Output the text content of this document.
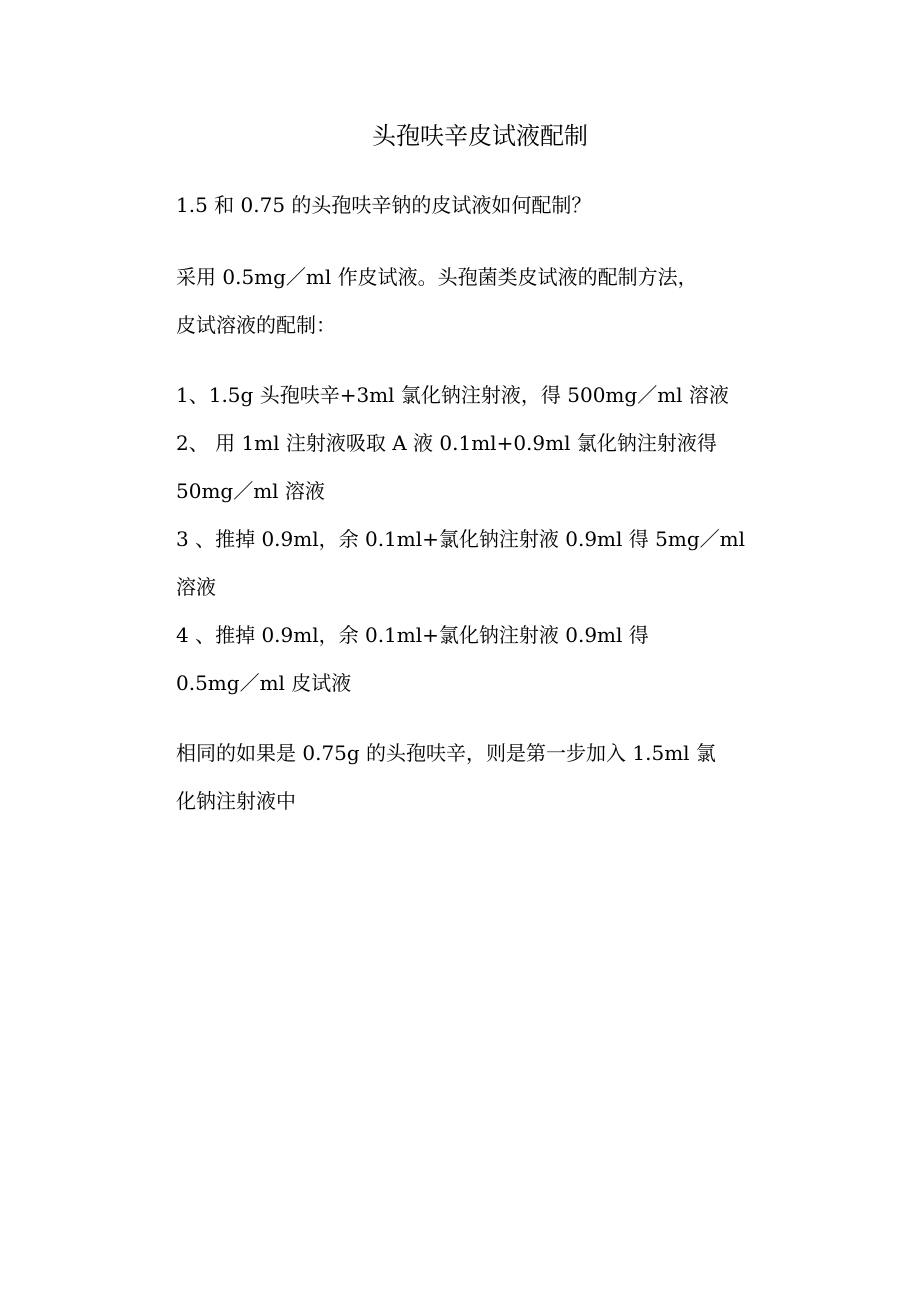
头孢呋辛皮试液配制
1.5 和 0.75 的头孢呋辛钠的皮试液如何配制？
采用 0.5mg／ml 作皮试液。头孢菌类皮试液的配制方法，
皮试溶液的配制：
1、1.5g 头孢呋辛+3ml 氯化钠注射液，得 500mg／ml 溶液
2、 用 1ml 注射液吸取 A 液 0.1ml+0.9ml 氯化钠注射液得
50mg／ml 溶液
3 、推掉 0.9ml，余 0.1ml+氯化钠注射液 0.9ml 得 5mg／ml
溶液
4 、推掉 0.9ml，余 0.1ml+氯化钠注射液 0.9ml 得
0.5mg／ml 皮试液
相同的如果是 0.75g 的头孢呋辛，则是第一步加入 1.5ml 氯
化钠注射液中
